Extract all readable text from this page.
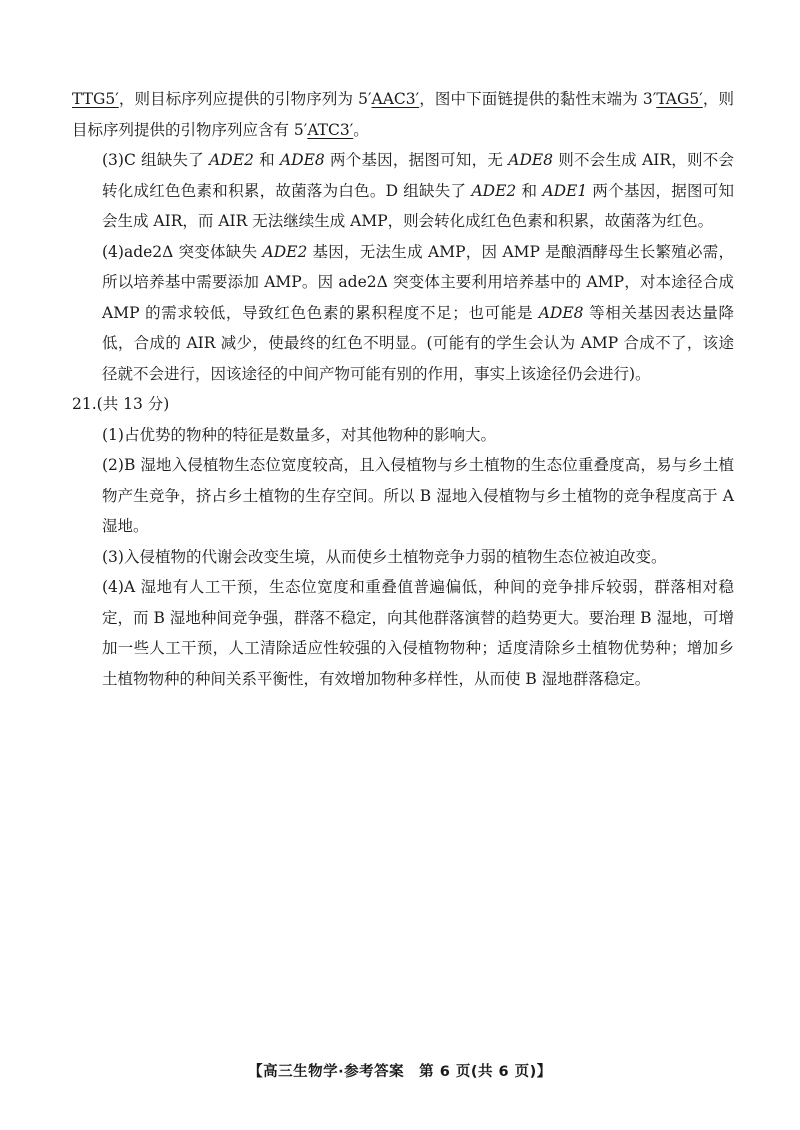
TTG5′，则目标序列应提供的引物序列为 5′AAC3′，图中下面链提供的黏性末端为 3′TAG5′，则目标序列提供的引物序列应含有 5′ATC3′。

(3)C 组缺失了 ADE2 和 ADE8 两个基因，据图可知，无 ADE8 则不会生成 AIR，则不会转化成红色色素和积累，故菌落为白色。D 组缺失了 ADE2 和 ADE1 两个基因，据图可知会生成 AIR，而 AIR 无法继续生成 AMP，则会转化成红色色素和积累，故菌落为红色。

(4)ade2Δ 突变体缺失 ADE2 基因，无法生成 AMP，因 AMP 是酿酒酵母生长繁殖必需，所以培养基中需要添加 AMP。因 ade2Δ 突变体主要利用培养基中的 AMP，对本途径合成 AMP 的需求较低，导致红色色素的累积程度不足；也可能是 ADE8 等相关基因表达量降低，合成的 AIR 减少，使最终的红色不明显。(可能有的学生会认为 AMP 合成不了，该途径就不会进行，因该途径的中间产物可能有别的作用，事实上该途径仍会进行)。

21.(共 13 分)

(1)占优势的物种的特征是数量多，对其他物种的影响大。

(2)B 湿地入侵植物生态位宽度较高，且入侵植物与乡土植物的生态位重叠度高，易与乡土植物产生竞争，挤占乡土植物的生存空间。所以 B 湿地入侵植物与乡土植物的竞争程度高于 A 湿地。

(3)入侵植物的代谢会改变生境，从而使乡土植物竞争力弱的植物生态位被迫改变。

(4)A 湿地有人工干预，生态位宽度和重叠值普遍偏低，种间的竞争排斥较弱，群落相对稳定，而 B 湿地种间竞争强，群落不稳定，向其他群落演替的趋势更大。要治理 B 湿地，可增加一些人工干预，人工清除适应性较强的入侵植物物种；适度清除乡土植物优势种；增加乡土植物物种的种间关系平衡性，有效增加物种多样性，从而使 B 湿地群落稳定。

【高三生物学·参考答案　第 6 页(共 6 页)】
